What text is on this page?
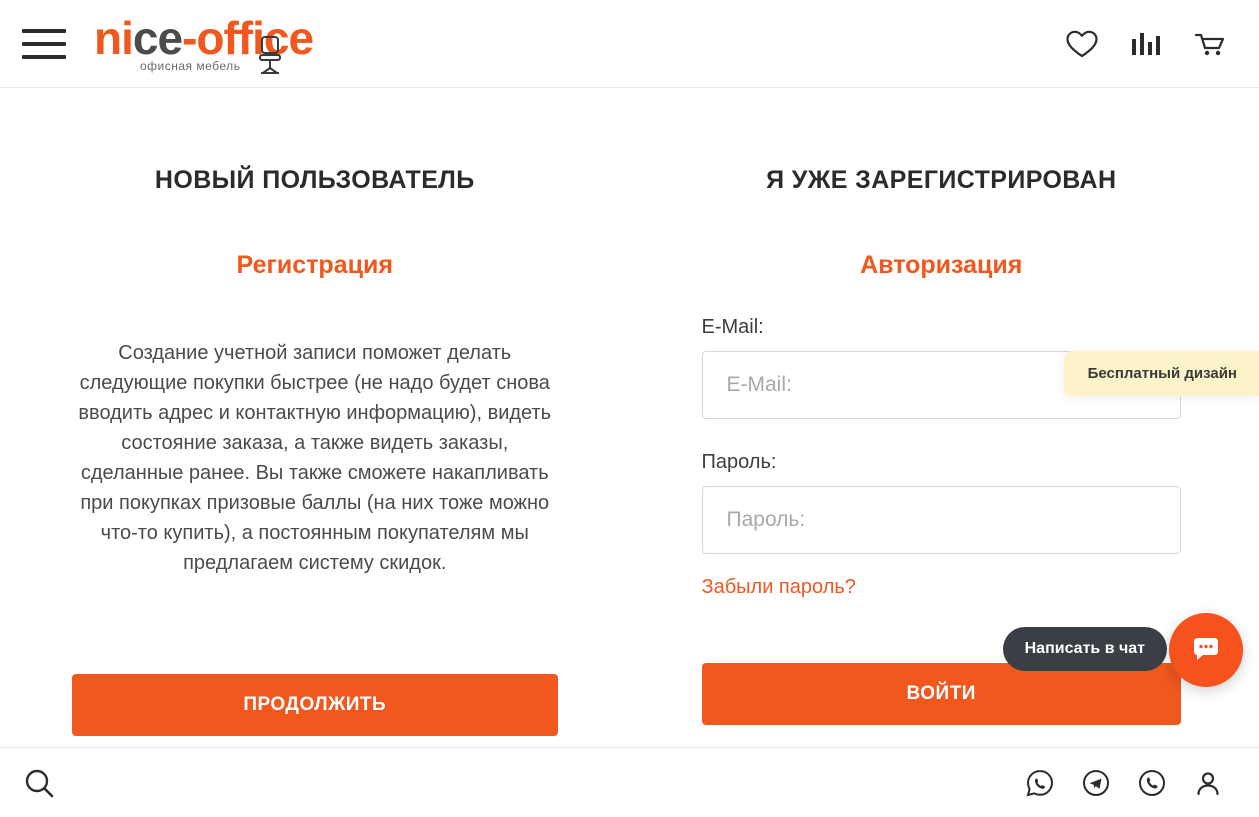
nice-office
офисная мебель
НОВЫЙ ПОЛЬЗОВАТЕЛЬ
Регистрация
Создание учетной записи поможет делать следующие покупки быстрее (не надо будет снова вводить адрес и контактную информацию), видеть состояние заказа, а также видеть заказы, сделанные ранее. Вы также сможете накапливать при покупках призовые баллы (на них тоже можно что-то купить), а постоянным покупателям мы предлагаем систему скидок.
ПРОДОЛЖИТЬ
Я УЖЕ ЗАРЕГИСТРИРОВАН
Авторизация
E-Mail:
E-Mail:
Пароль:
Забыли пароль?
ВОЙТИ
Бесплатный дизайн
Написать в чат
